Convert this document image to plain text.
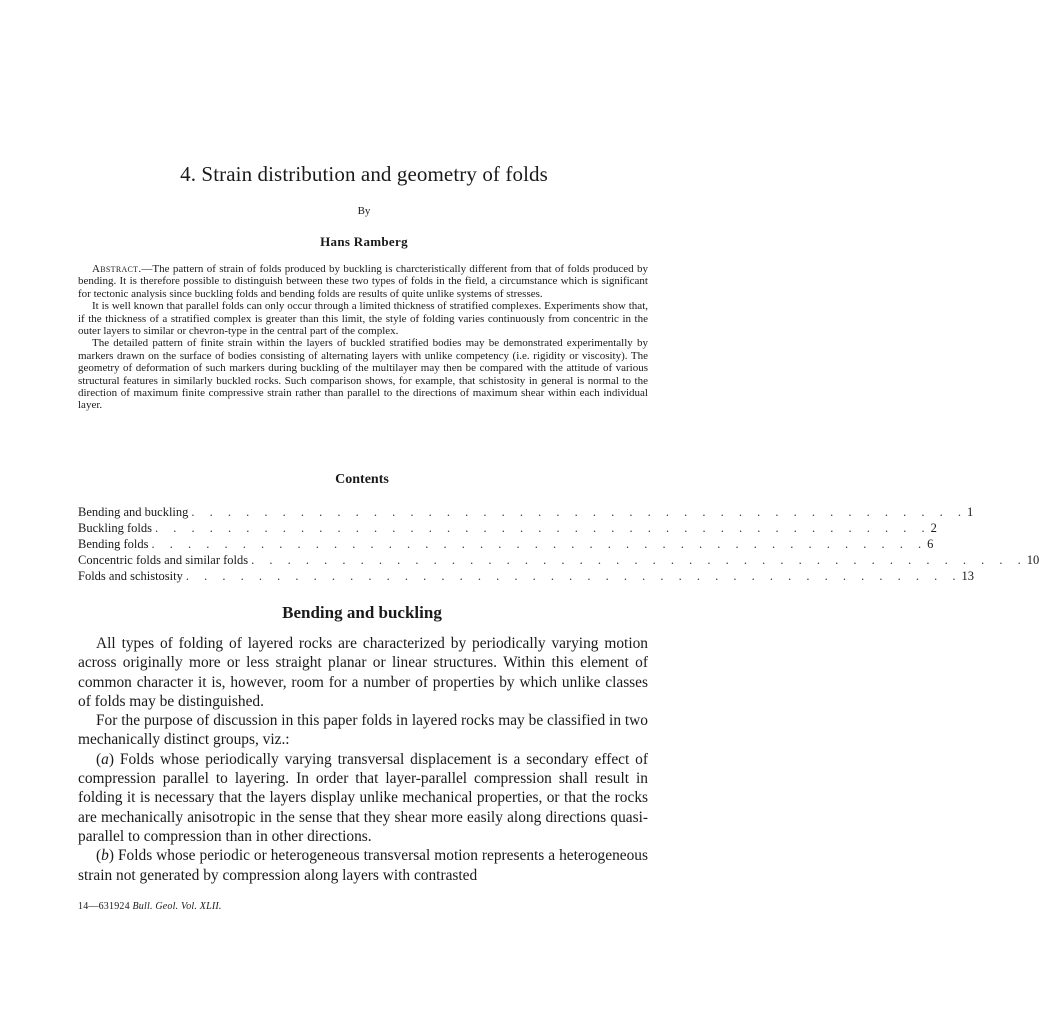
4. Strain distribution and geometry of folds
By
Hans Ramberg

Abstract.—The pattern of strain of folds produced by buckling is charcteristically different from that of folds produced by bending. It is therefore possible to distinguish between these two types of folds in the field, a circumstance which is significant for tectonic analysis since buckling folds and bending folds are results of quite unlike systems of stresses.

It is well known that parallel folds can only occur through a limited thickness of stratified complexes. Experiments show that, if the thickness of a stratified complex is greater than this limit, the style of folding varies continuously from concentric in the outer layers to similar or chevron-type in the central part of the complex.

The detailed pattern of finite strain within the layers of buckled stratified bodies may be demonstrated experimentally by markers drawn on the surface of bodies consisting of alternating layers with unlike competency (i.e. rigidity or viscosity). The geometry of deformation of such markers during buckling of the multilayer may then be compared with the attitude of various structural features in similarly buckled rocks. Such comparison shows, for example, that schistosity in general is normal to the direction of maximum finite compressive strain rather than parallel to the directions of maximum shear within each individual layer.

Contents
Bending and buckling . . . . . . . . . . . . . . . . . . . . . . . . . . . . . . . . . . . . . . . . . . . 1
Buckling folds . . . . . . . . . . . . . . . . . . . . . . . . . . . . . . . . . . . . . . . . . . . 2
Bending folds . . . . . . . . . . . . . . . . . . . . . . . . . . . . . . . . . . . . . . . . . . . 6
Concentric folds and similar folds . . . . . . . . . . . . . . . . . . . . . . . . . . . . . . . . . . . . . . . . . . . 10
Folds and schistosity . . . . . . . . . . . . . . . . . . . . . . . . . . . . . . . . . . . . . . . . . . . 13
Bending and buckling

All types of folding of layered rocks are characterized by periodically varying motion across originally more or less straight planar or linear structures. Within this element of common character it is, however, room for a number of properties by which unlike classes of folds may be distinguished.

For the purpose of discussion in this paper folds in layered rocks may be classified in two mechanically distinct groups, viz.:

(a) Folds whose periodically varying transversal displacement is a secondary effect of compression parallel to layering. In order that layer-parallel compression shall result in folding it is necessary that the layers display unlike mechanical properties, or that the rocks are mechanically anisotropic in the sense that they shear more easily along directions quasi-parallel to compression than in other directions.

(b) Folds whose periodic or heterogeneous transversal motion represents a heterogeneous strain not generated by compression along layers with contrasted

14—631924 Bull. Geol. Vol. XLII.
